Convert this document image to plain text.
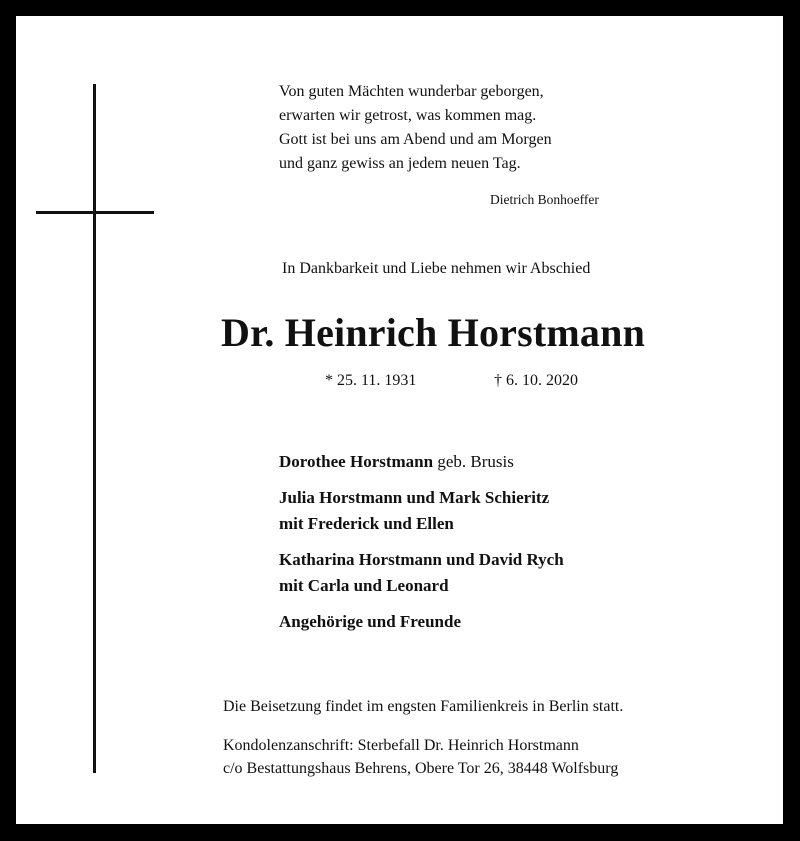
Von guten Mächten wunderbar geborgen,
erwarten wir getrost, was kommen mag.
Gott ist bei uns am Abend und am Morgen
und ganz gewiss an jedem neuen Tag.
Dietrich Bonhoeffer
In Dankbarkeit und Liebe nehmen wir Abschied
Dr. Heinrich Horstmann
* 25. 11. 1931	† 6. 10. 2020
Dorothee Horstmann geb. Brusis
Julia Horstmann und Mark Schieritz
mit Frederick und Ellen
Katharina Horstmann und David Rych
mit Carla und Leonard
Angehörige und Freunde
Die Beisetzung findet im engsten Familienkreis in Berlin statt.
Kondolenzanschrift: Sterbefall Dr. Heinrich Horstmann
c/o Bestattungshaus Behrens, Obere Tor 26, 38448 Wolfsburg
